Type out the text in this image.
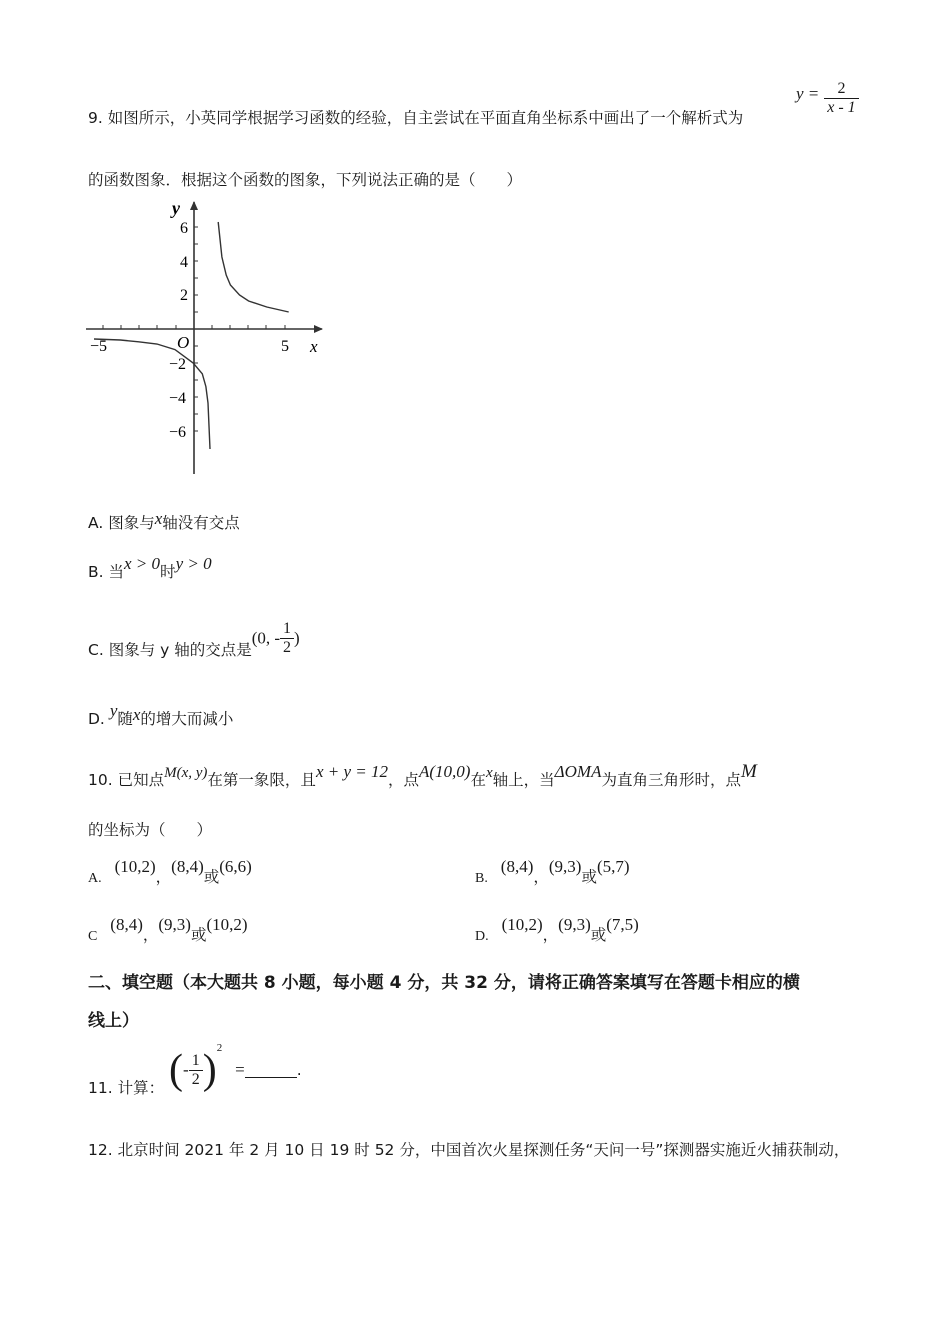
9. 如图所示，小英同学根据学习函数的经验，自主尝试在平面直角坐标系中画出了一个解析式为
$y = \frac{2}{x - 1}$
的函数图象．根据这个函数的图象，下列说法正确的是（　　）
y
x
O
−5	5
6
4
2
−2
−4
−6
A. 图象与x轴没有交点
B. 当x > 0时y > 0
C. 图象与 y 轴的交点是(0, - $\frac{1}{2}$ )
D. y随x的增大而减小
10. 已知点M(x, y)在第一象限，且x + y = 12，点A(10,0)在x轴上，当ΔOMA为直角三角形时，点M
的坐标为（　　）
A. (10,2)，(8,4)或(6,6)
B. (8,4)，(9,3)或(5,7)
C (8,4)，(9,3)或(10,2)
D. (10,2)，(9,3)或(7,5)
二、填空题（本大题共 8 小题，每小题 4 分，共 32 分，请将正确答案填写在答题卡相应的横
线上）
11. 计算： (- $\frac{1}{2} )^2$ =	.
12. 北京时间 2021 年 2 月 10 日 19 时 52 分，中国首次火星探测任务“天问一号”探测器实施近火捕获制动，
